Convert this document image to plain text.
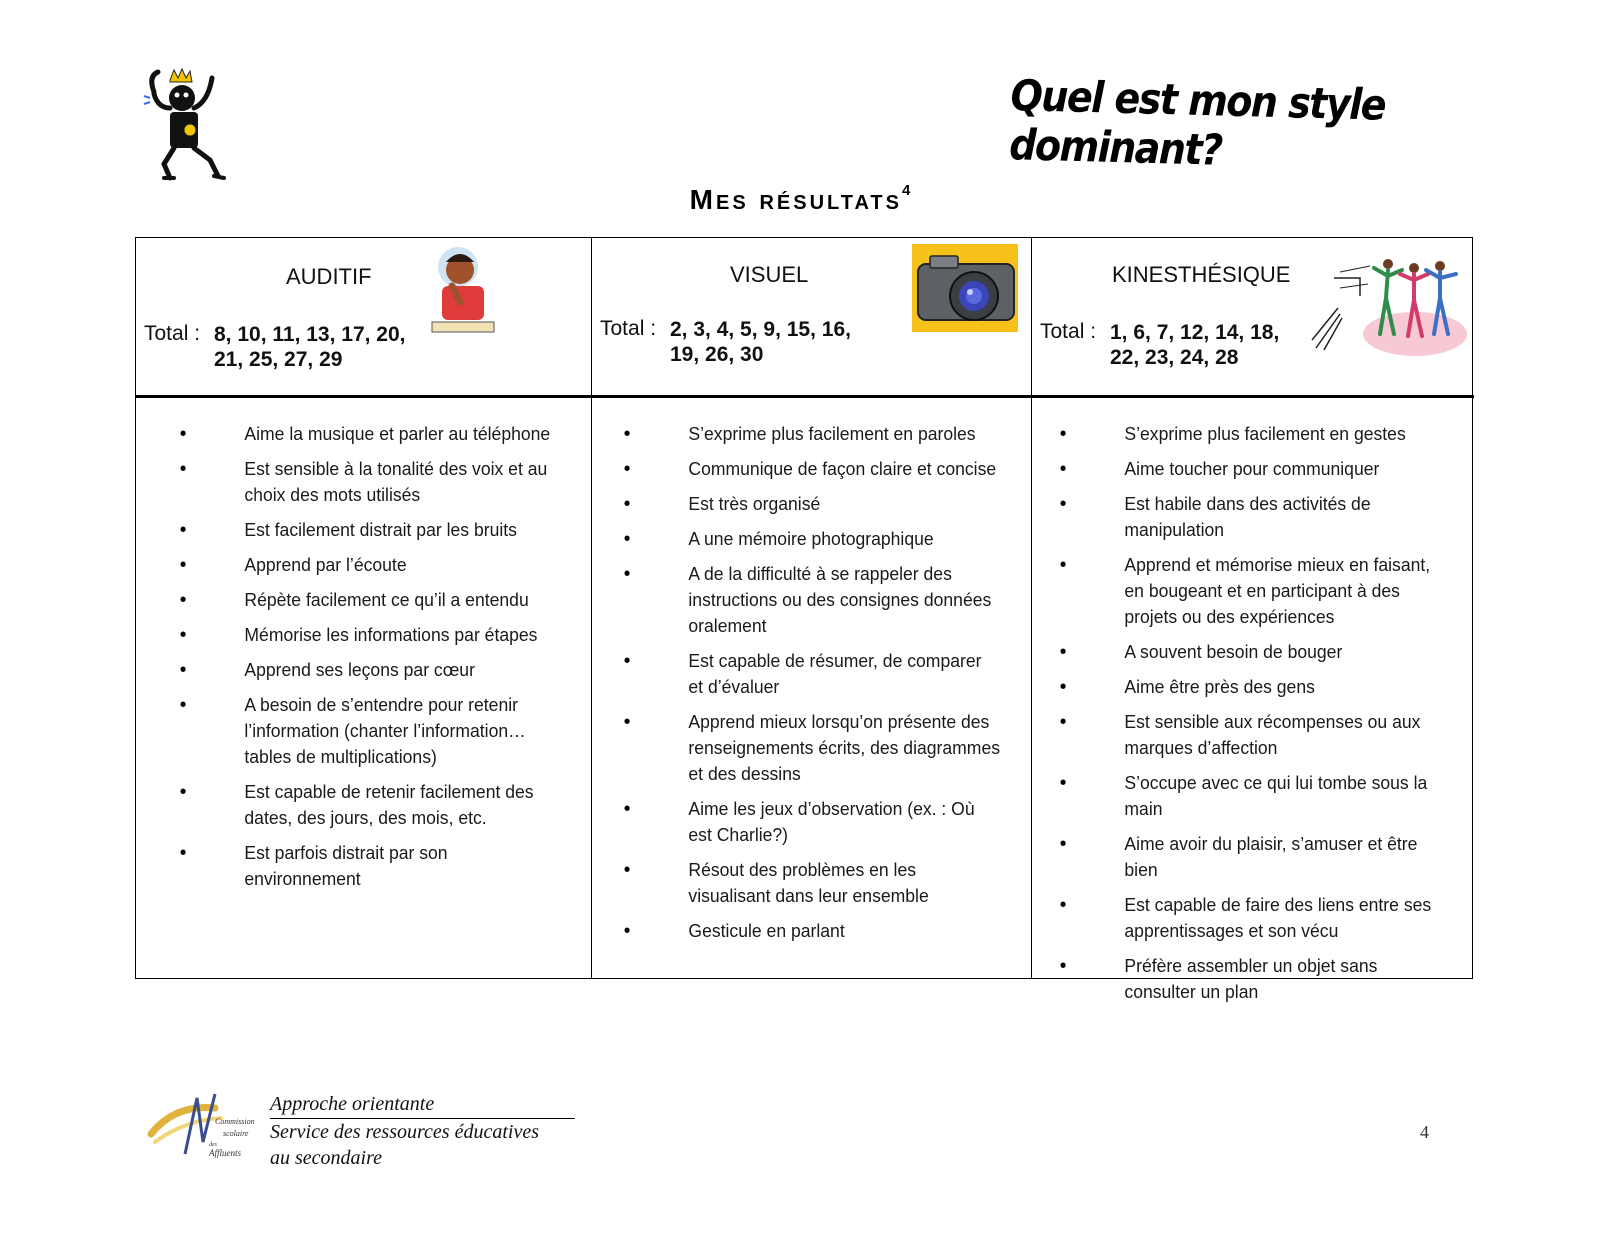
Quel est mon style dominant?
Mes résultats$^4$
AUDITIF
Total : 8, 10, 11, 13, 17, 20,
21, 25, 27, 29
• Aime la musique et parler au téléphone
• Est sensible à la tonalité des voix et au choix des mots utilisés
• Est facilement distrait par les bruits
• Apprend par l’écoute
• Répète facilement ce qu’il a entendu
• Mémorise les informations par étapes
• Apprend ses leçons par cœur
• A besoin de s’entendre pour retenir l’information (chanter l’information… tables de multiplications)
• Est capable de retenir facilement des dates, des jours, des mois, etc.
• Est parfois distrait par son environnement
VISUEL
Total : 2, 3, 4, 5, 9, 15, 16,
19, 26, 30
• S’exprime plus facilement en paroles
• Communique de façon claire et concise
• Est très organisé
• A une mémoire photographique
• A de la difficulté à se rappeler des instructions ou des consignes données oralement
• Est capable de résumer, de comparer et d’évaluer
• Apprend mieux lorsqu’on présente des renseignements écrits, des diagrammes et des dessins
• Aime les jeux d’observation (ex. : Où est Charlie?)
• Résout des problèmes en les visualisant dans leur ensemble
• Gesticule en parlant
KINESTHÉSIQUE
Total : 1, 6, 7, 12, 14, 18,
22, 23, 24, 28
• S’exprime plus facilement en gestes
• Aime toucher pour communiquer
• Est habile dans des activités de manipulation
• Apprend et mémorise mieux en faisant, en bougeant et en participant à des projets ou des expériences
• A souvent besoin de bouger
• Aime être près des gens
• Est sensible aux récompenses ou aux marques d’affection
• S’occupe avec ce qui lui tombe sous la main
• Aime avoir du plaisir, s’amuser et être bien
• Est capable de faire des liens entre ses apprentissages et son vécu
• Préfère assembler un objet sans consulter un plan
Commission
scolaire
des
Affluents
Approche orientante
Service des ressources éducatives
au secondaire
4
